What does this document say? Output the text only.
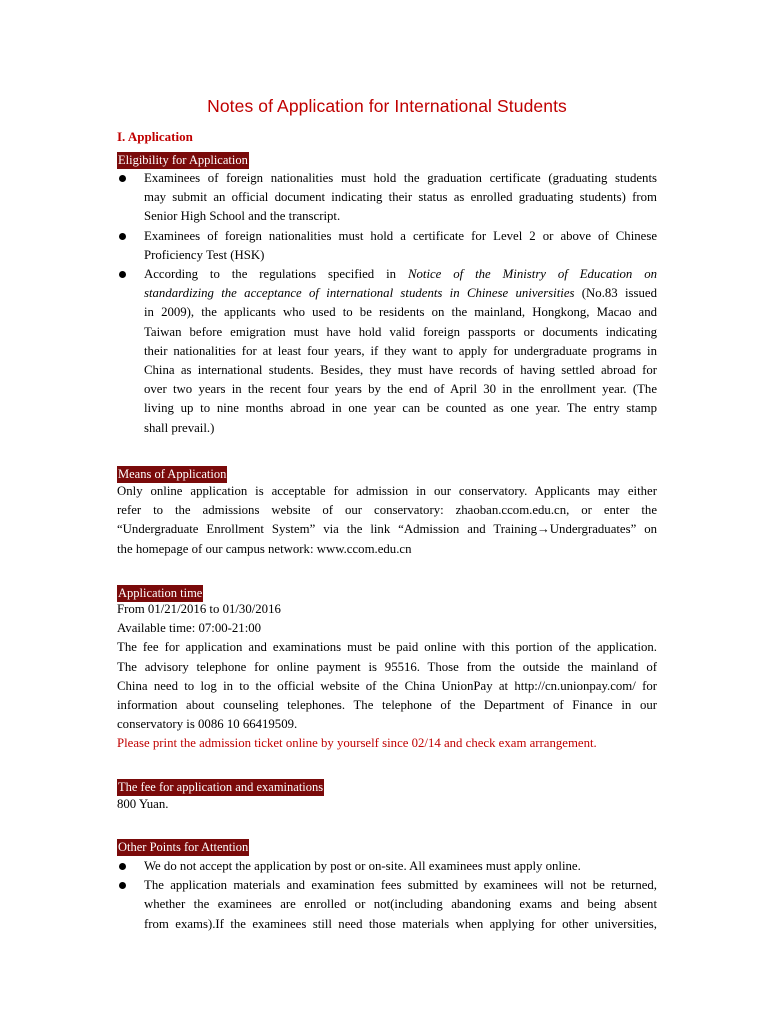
Notes of Application for International Students
I. Application
Eligibility for Application
Examinees of foreign nationalities must hold the graduation certificate (graduating students
may submit an official document indicating their status as enrolled graduating students) from
Senior High School and the transcript.
Examinees of foreign nationalities must hold a certificate for Level 2 or above of Chinese
Proficiency Test (HSK)
According to the regulations specified in Notice of the Ministry of Education on
standardizing the acceptance of international students in Chinese universities (No.83 issued
in 2009), the applicants who used to be residents on the mainland, Hongkong, Macao and
Taiwan before emigration must have hold valid foreign passports or documents indicating
their nationalities for at least four years, if they want to apply for undergraduate programs in
China as international students. Besides, they must have records of having settled abroad for
over two years in the recent four years by the end of April 30 in the enrollment year. (The
living up to nine months abroad in one year can be counted as one year. The entry stamp
shall prevail.)
Means of Application
Only online application is acceptable for admission in our conservatory. Applicants may either
refer to the admissions website of our conservatory: zhaoban.ccom.edu.cn, or enter the
“Undergraduate Enrollment System” via the link “Admission and Training→Undergraduates” on
the homepage of our campus network: www.ccom.edu.cn
Application time
From 01/21/2016 to 01/30/2016
Available time: 07:00-21:00
The fee for application and examinations must be paid online with this portion of the application.
The advisory telephone for online payment is 95516. Those from the outside the mainland of
China need to log in to the official website of the China UnionPay at http://cn.unionpay.com/ for
information about counseling telephones. The telephone of the Department of Finance in our
conservatory is 0086 10 66419509.
Please print the admission ticket online by yourself since 02/14 and check exam arrangement.
The fee for application and examinations
800 Yuan.
Other Points for Attention
We do not accept the application by post or on-site. All examinees must apply online.
The application materials and examination fees submitted by examinees will not be returned,
whether the examinees are enrolled or not(including abandoning exams and being absent
from exams).If the examinees still need those materials when applying for other universities,
